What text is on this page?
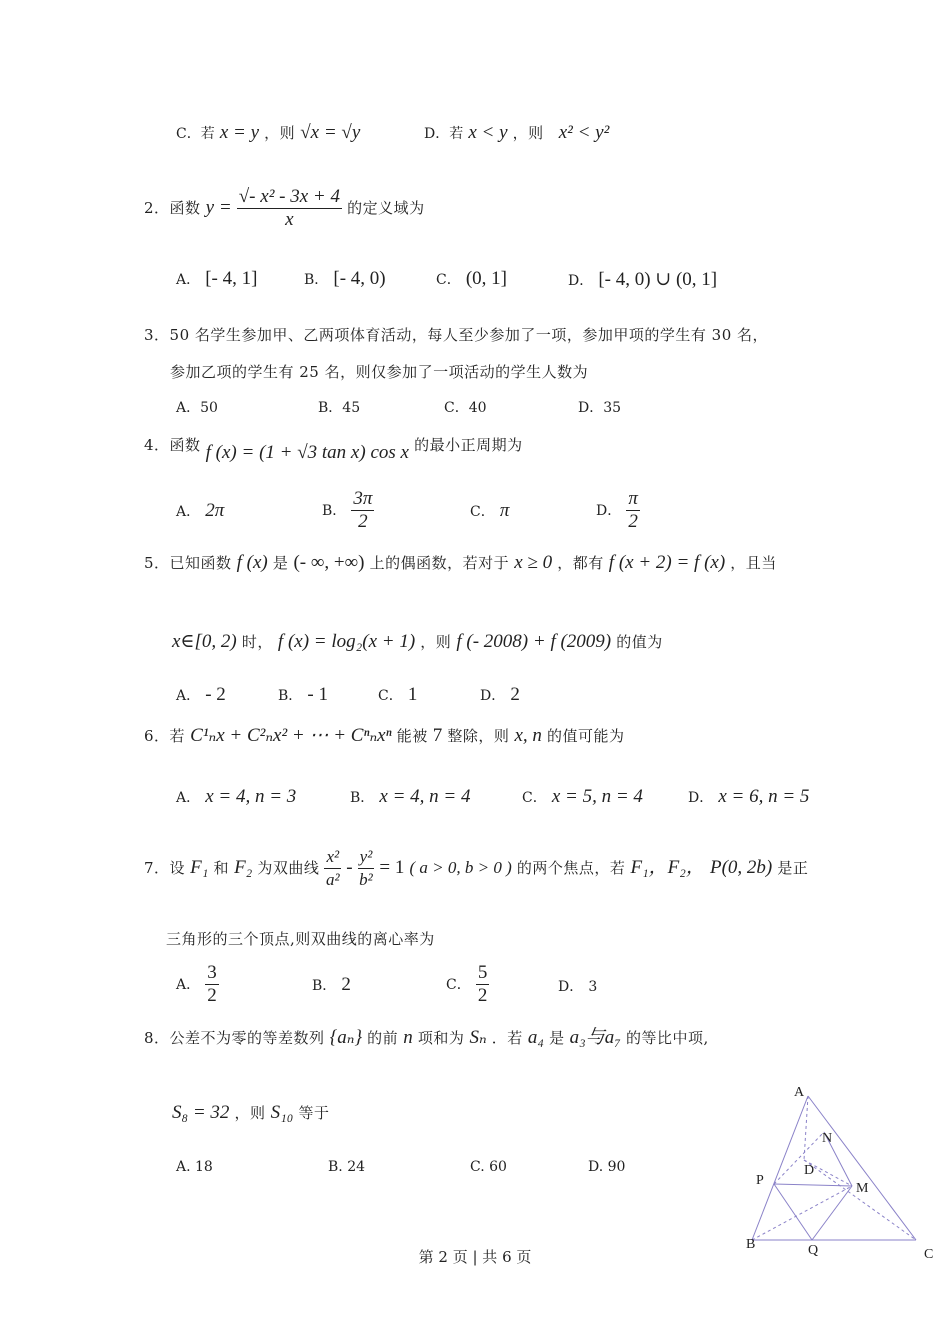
C．若 x = y ，则 √x = √y	D．若 x < y ，则 x² < y²
2．函数 $y = \frac{\text{√- x² - 3x + 4}}{x}$ 的定义域为
A． [- 4, 1]	B． [- 4, 0)	C． (0, 1]	D． [- 4, 0) ∪ (0, 1]
3．50 名学生参加甲、乙两项体育活动，每人至少参加了一项，参加甲项的学生有 30 名，
参加乙项的学生有 25 名，则仅参加了一项活动的学生人数为
A．50	B．45	C．40	D．35
4．函数 f (x) = (1 + √3 tan x) cos x 的最小正周期为
A． 2π	B． $\frac{3\pi}{2}$	C． π	D． $\frac{\pi}{2}$
5．已知函数 f (x) 是 (- ∞, +∞) 上的偶函数，若对于 x ≥ 0 ，都有 f (x + 2) = f (x) ，且当
x∈[0, 2) 时， f (x) = log₂(x + 1) ，则 f (- 2008) + f (2009) 的值为
A． - 2	B． - 1	C． 1	D． 2
6．若 C¹ₙx + C²ₙx² + ⋯ + Cⁿₙxⁿ 能被 7 整除，则 x, n 的值可能为
A． x = 4, n = 3	B． x = 4, n = 4	C． x = 5, n = 4	D． x = 6, n = 5
7．设 F₁ 和 F₂ 为双曲线 $\frac{\text{x²}}{\text{a²}} - \frac{\text{y²}}{\text{b²}} = 1$ ( a > 0, b > 0 ) 的两个焦点，若 F₁，F₂， P(0, 2b) 是正
三角形的三个顶点,则双曲线的离心率为
A． $\frac{3}{2}$	B． 2	C． $\frac{5}{2}$	D． 3
8．公差不为零的等差数列 {aₙ} 的前 n 项和为 Sₙ ．若 a₄ 是 a₃与a₇ 的等比中项,
S₈ = 32 ，则 S₁₀ 等于
A. 18	B. 24	C. 60	D. 90
A
N
D
P
M
B	Q	C
第 2 页 | 共 6 页
